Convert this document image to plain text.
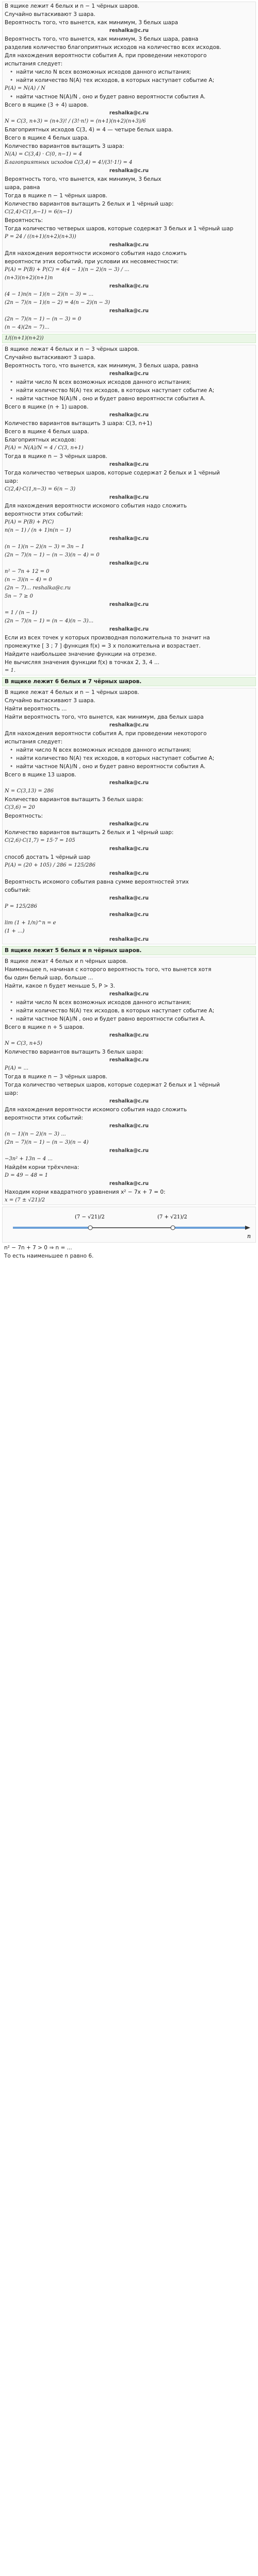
В ящике лежит 4 белых и n − 1 чёрных шаров.
Случайно вытаскивают 3 шара.
Вероятность того, что вынется, как минимум, 3 белых шара
reshalka@c.ru
Вероятность того, что вынется, как минимум, 3 белых шара, равна
разделив количество благоприятных исходов на количество всех исходов.
Для нахождения вероятности события A, при проведении некоторого
испытания следует:
• найти число N всех возможных исходов данного испытания;
• найти количество N(A) тех исходов, в которых наступает событие A;
P(A) = N(A) / N
• найти частное N(A)/N , оно и будет равно вероятности события A.
Всего в ящике (3 + 4) шаров.
reshalka@c.ru
N = C(3, n+3) = (n+3)! / (3!·n!) = (n+1)(n+2)(n+3)/6
Благоприятных исходов C(3, 4) = 4 — четыре белых шара.
Всего в ящике 4 белых шара.
Количество вариантов вытащить 3 шара:
N(A) = C(3,4) · C(0, n−1) = 4
Благоприятных исходов C(3,4) = 4!/(3!·1!) = 4
reshalka@c.ru
Вероятность того, что вынется, как минимум, 3 белых
шара, равна
Тогда в ящике n − 1 чёрных шаров.
Количество вариантов вытащить 2 белых и 1 чёрный шар:
C(2,4)·C(1,n−1) = 6(n−1)
Вероятность:
Тогда количество четверых шаров, которые содержат 3 белых и 1 чёрный шар
P = 24 / ((n+1)(n+2)(n+3))
reshalka@c.ru
Для нахождения вероятности искомого события надо сложить
вероятности этих событий, при условии их несовместности:
P(A) = P(B) + P(C) = 4(4 − 1)(n − 2)(n − 3) / ...
(n+3)(n+2)(n+1)n
reshalka@c.ru
(4 − 1)n(n − 1)(n − 2)(n − 3) = ...
(2n − 7)(n − 1)(n − 2) = 4(n − 2)(n − 3)
reshalka@c.ru
(2n − 7)(n − 1) − (n − 3) = 0
(n − 4)(2n − 7)...
1/((n+1)(n+2))
В ящике лежат 4 белых и n − 3 чёрных шаров.
Случайно вытаскивают 3 шара.
Вероятность того, что вынется, как минимум, 3 белых шара, равна
reshalka@c.ru
• найти число N всех возможных исходов данного испытания;
• найти количество N(A) тех исходов, в которых наступает событие A;
• найти частное N(A)/N , оно и будет равно вероятности события A.
Всего в ящике (n + 1) шаров.
reshalka@c.ru
Количество вариантов вытащить 3 шара: C(3, n+1)
Всего в ящике 4 белых шара.
Благоприятных исходов:
P(A) = N(A)/N = 4 / C(3, n+1)
Тогда в ящике n − 3 чёрных шаров.
reshalka@c.ru
Тогда количество четверых шаров, которые содержат 2 белых и 1 чёрный
шар:
C(2,4)·C(1,n−3) = 6(n − 3)
reshalka@c.ru
Для нахождения вероятности искомого события надо сложить
вероятности этих событий:
P(A) = P(B) + P(C)
n(n − 1) / (n + 1)n(n − 1)
reshalka@c.ru
(n − 1)(n − 2)(n − 3) = 3n − 1
(2n − 7)(n − 1) − (n − 3)(n − 4) = 0
reshalka@c.ru
n² − 7n + 12 = 0
(n − 3)(n − 4) = 0
(2n − 7)... reshalka@c.ru
5n − 7 ≥ 0
reshalka@c.ru
= 1 / (n − 1)
(2n − 7)(n − 1) = (n − 4)(n − 3)...
reshalka@c.ru
Если из всех точек у которых производная положительна то значит на
промежутке [ 3 ; 7 ] функция f(x) = 3 x положительна и возрастает.
Найдите наибольшее значение функции на отрезке.
Не вычисляя значения функции f(x) в точках 2, 3, 4 ...
= 1.
В ящике лежит 6 белых и 7 чёрных шаров.
В ящике лежат 4 белых и n − 1 чёрных шаров.
Случайно вытаскивают 3 шара.
Найти вероятность ...
Найти вероятность того, что вынется, как минимум, два белых шара
reshalka@c.ru
Для нахождения вероятности события A, при проведении некоторого
испытания следует:
• найти число N всех возможных исходов данного испытания;
• найти количество N(A) тех исходов, в которых наступает событие A;
• найти частное N(A)/N , оно и будет равно вероятности события A.
Всего в ящике 13 шаров.
reshalka@c.ru
N = C(3,13) = 286
Количество вариантов вытащить 3 белых шара:
C(3,6) = 20
Вероятность:
reshalka@c.ru
Количество вариантов вытащить 2 белых и 1 чёрный шар:
C(2,6)·C(1,7) = 15·7 = 105
reshalka@c.ru
способ достать 1 чёрный шар
P(A) = (20 + 105) / 286 = 125/286
reshalka@c.ru
Вероятность искомого события равна сумме вероятностей этих
событий:
reshalka@c.ru
P = 125/286
reshalka@c.ru
lim (1 + 1/n)^n = e
(1 + ...)
reshalka@c.ru
В ящике лежит 5 белых и n чёрных шаров.
В ящике лежат 4 белых и n чёрных шаров.
Наименьшее n, начиная с которого вероятность того, что вынется хотя
бы один белый шар, больше ...
Найти, какое n будет меньше 5, P > 3.
reshalka@c.ru
• найти число N всех возможных исходов данного испытания;
• найти количество N(A) тех исходов, в которых наступает событие A;
• найти частное N(A)/N , оно и будет равно вероятности события A.
Всего в ящике n + 5 шаров.
reshalka@c.ru
N = C(3, n+5)
Количество вариантов вытащить 3 белых шара:
reshalka@c.ru
P(A) = ...
Тогда в ящике n − 3 чёрных шаров.
Тогда количество четверых шаров, которые содержат 2 белых и 1 чёрный
шар:
reshalka@c.ru
Для нахождения вероятности искомого события надо сложить
вероятности этих событий:
reshalka@c.ru
(n − 1)(n − 2)(n − 3) ...
(2n − 7)(n − 1) − (n − 3)(n − 4)
reshalka@c.ru
−3n² + 13n − 4 ...
Найдём корни трёхчлена:
D = 49 − 48 = 1
reshalka@c.ru
Находим корни квадратного уравнения x² − 7x + 7 = 0:
x = (7 ± √21)/2
(7 − √21)/2	(7 + √21)/2
n
n² − 7n + 7 > 0 ⇒ n = ...
То есть наименьшее n равно 6.
